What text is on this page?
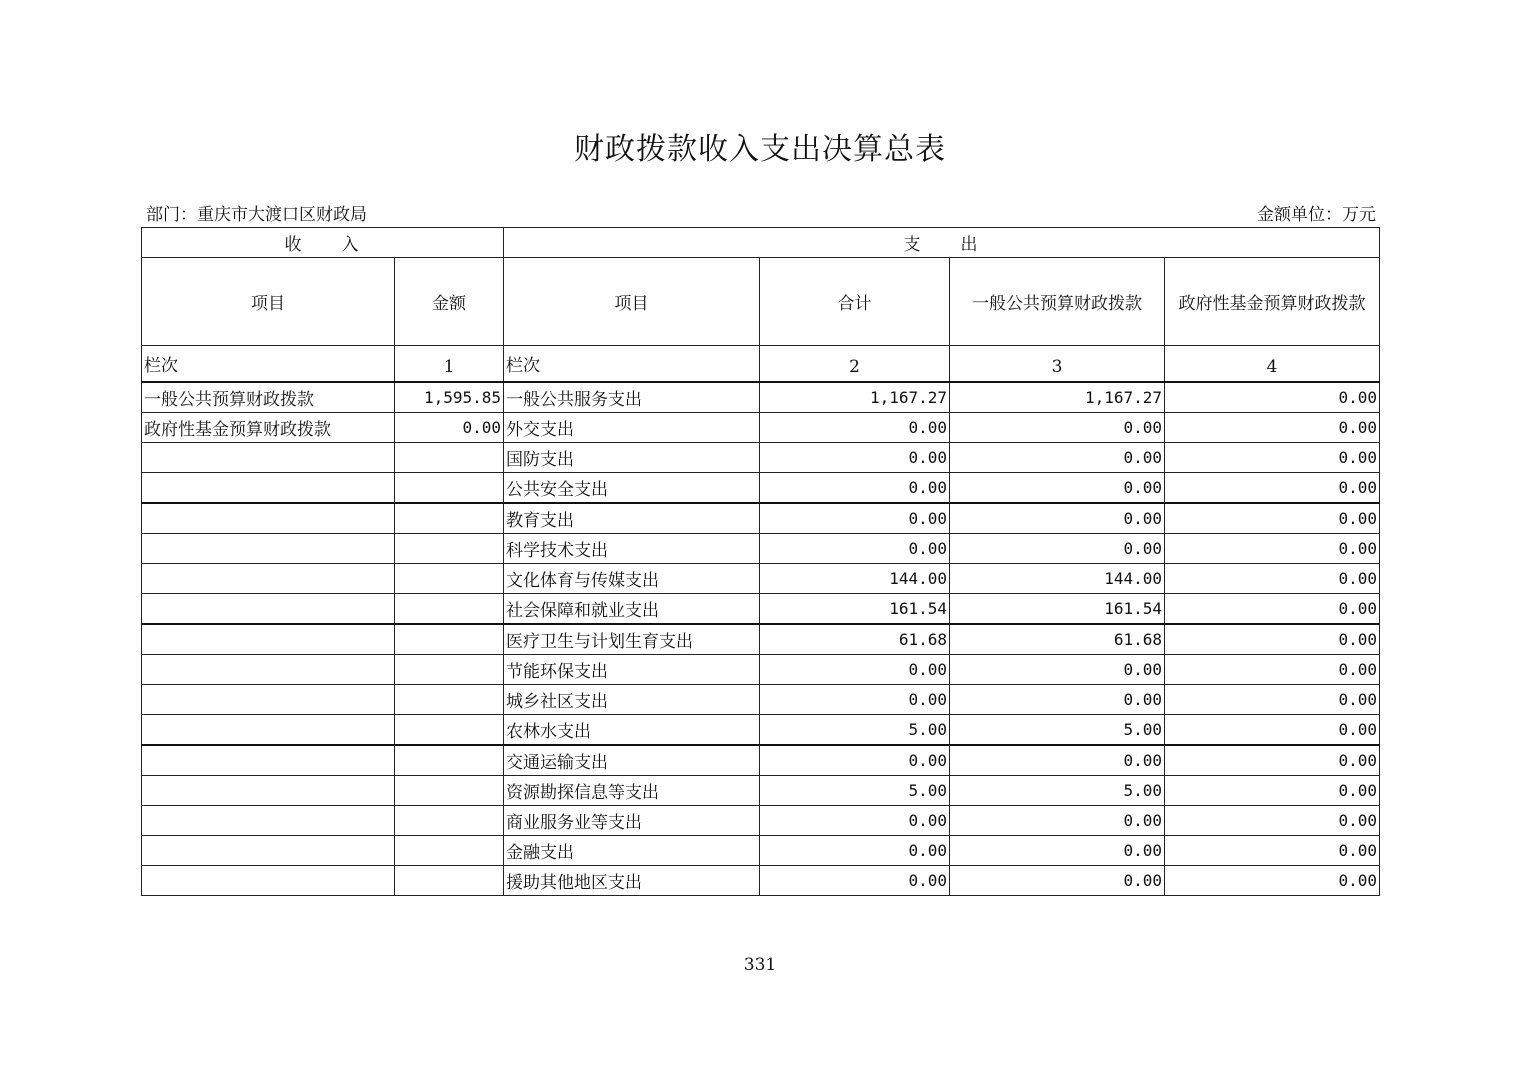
财政拨款收入支出决算总表
部门：重庆市大渡口区财政局	金额单位：万元
收　　入		支　　出			
项目	金额	项目	合计	一般公共预算财政拨款	政府性基金预算财政拨款
栏次	1	栏次	2	3	4
一般公共预算财政拨款	1,595.85	一般公共服务支出	1,167.27	1,167.27	0.00
政府性基金预算财政拨款	0.00	外交支出	0.00	0.00	0.00
		国防支出	0.00	0.00	0.00
		公共安全支出	0.00	0.00	0.00
		教育支出	0.00	0.00	0.00
		科学技术支出	0.00	0.00	0.00
		文化体育与传媒支出	144.00	144.00	0.00
		社会保障和就业支出	161.54	161.54	0.00
		医疗卫生与计划生育支出	61.68	61.68	0.00
		节能环保支出	0.00	0.00	0.00
		城乡社区支出	0.00	0.00	0.00
		农林水支出	5.00	5.00	0.00
		交通运输支出	0.00	0.00	0.00
		资源勘探信息等支出	5.00	5.00	0.00
		商业服务业等支出	0.00	0.00	0.00
		金融支出	0.00	0.00	0.00
		援助其他地区支出	0.00	0.00	0.00
331
